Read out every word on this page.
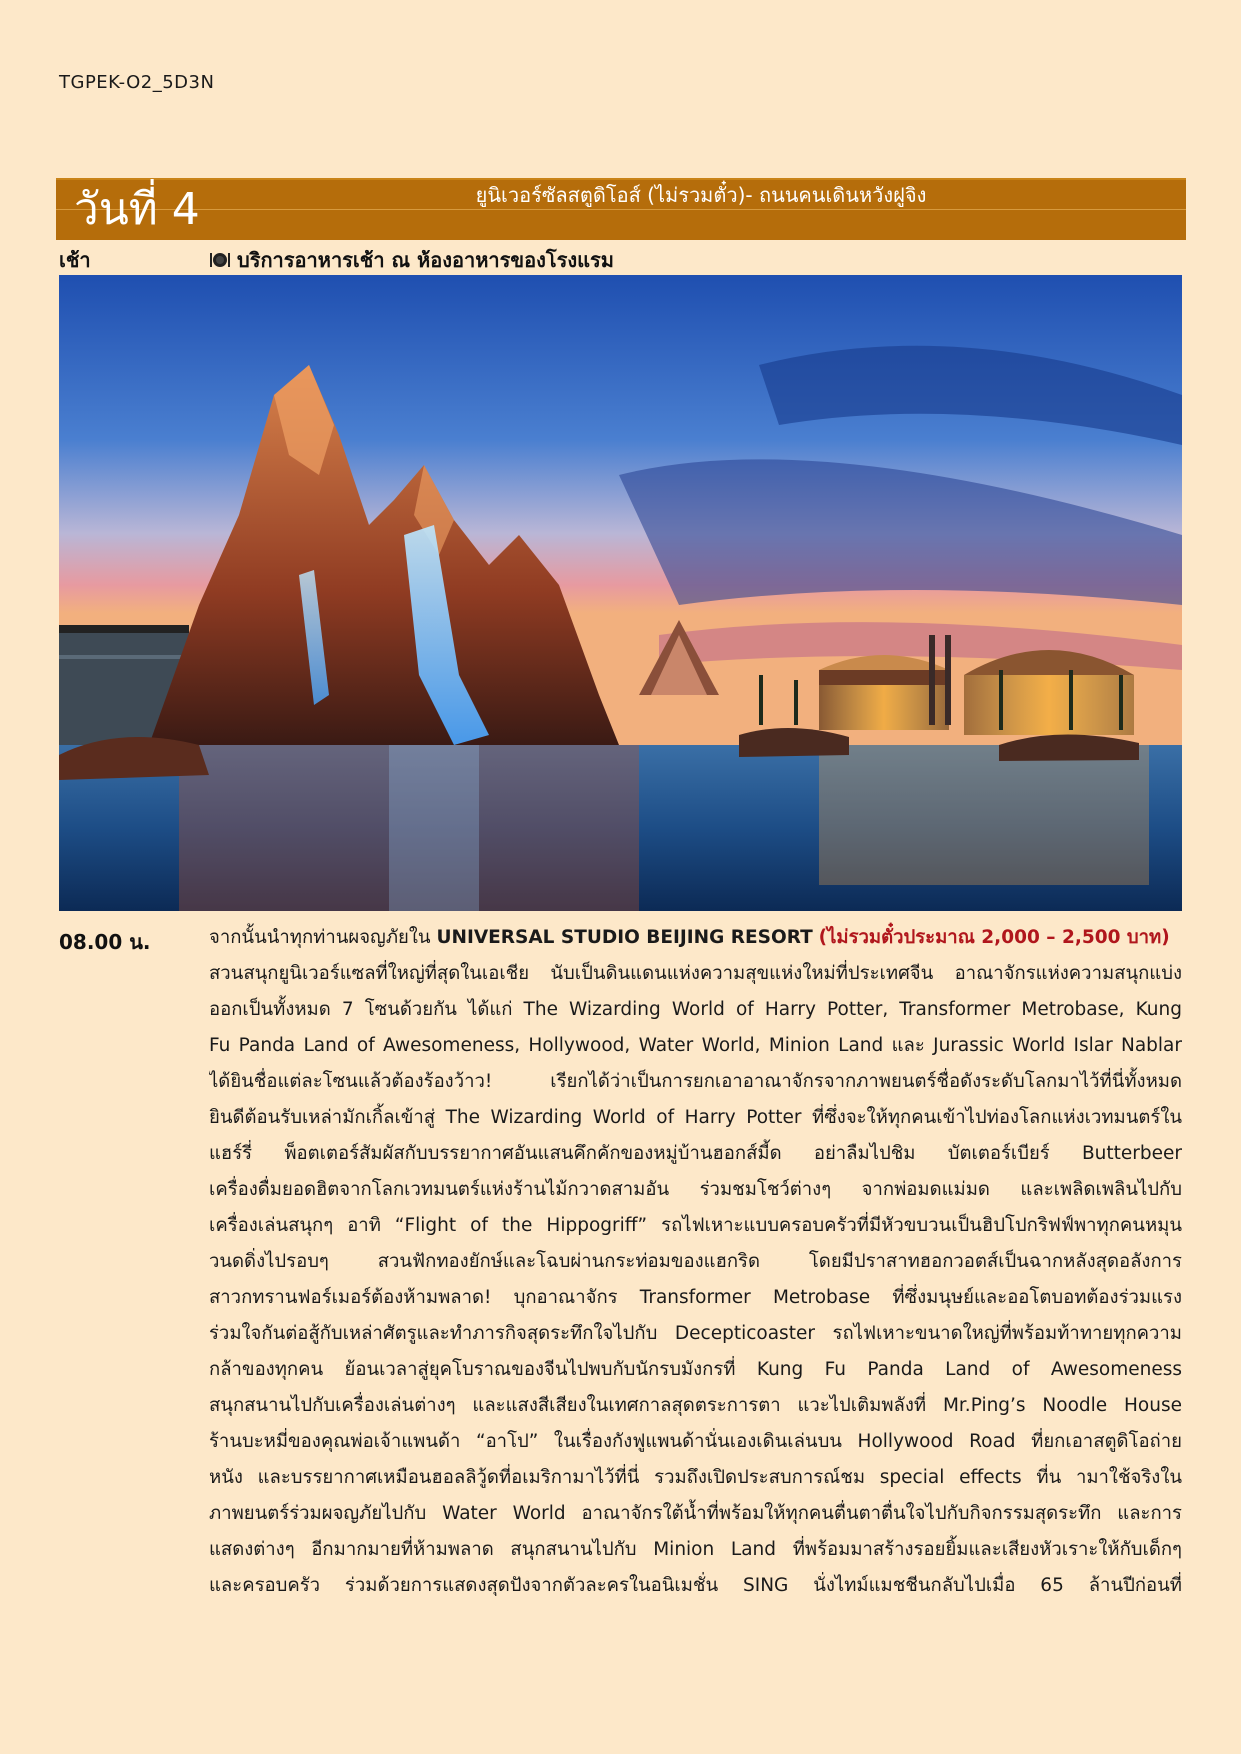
TGPEK-O2_5D3N
วันที่ 4	ยูนิเวอร์ซัลสตูดิโอส์ (ไม่รวมตั๋ว)- ถนนคนเดินหวังฝูจิง
เช้า	บริการอาหารเช้า ณ ห้องอาหารของโรงแรม
08.00 น.	จากนั้นนำทุกท่านผจญภัยใน UNIVERSAL STUDIO BEIJING RESORT (ไม่รวมตั๋วประมาณ 2,000 – 2,500 บาท)
สวนสนุกยูนิเวอร์แซลที่ใหญ่ที่สุดในเอเชีย นับเป็นดินแดนแห่งความสุขแห่งใหม่ที่ประเทศจีน อาณาจักรแห่งความสนุกแบ่ง
ออกเป็นทั้งหมด 7 โซนด้วยกัน ได้แก่ The Wizarding World of Harry Potter, Transformer Metrobase, Kung
Fu Panda Land of Awesomeness, Hollywood, Water World, Minion Land และ Jurassic World Islar Nablar
ได้ยินชื่อแต่ละโซนแล้วต้องร้องว้าว! เรียกได้ว่าเป็นการยกเอาอาณาจักรจากภาพยนตร์ชื่อดังระดับโลกมาไว้ที่นี่ทั้งหมด
ยินดีต้อนรับเหล่ามักเกิ้ลเข้าสู่ The Wizarding World of Harry Potter ที่ซึ่งจะให้ทุกคนเข้าไปท่องโลกแห่งเวทมนตร์ใน
แฮร์รี่ พ็อตเตอร์สัมผัสกับบรรยากาศอันแสนคึกคักของหมู่บ้านฮอกส์มี้ด อย่าลืมไปชิม บัตเตอร์เบียร์ Butterbeer
เครื่องดื่มยอดฮิตจากโลกเวทมนตร์แห่งร้านไม้กวาดสามอัน ร่วมชมโชว์ต่างๆ จากพ่อมดแม่มด และเพลิดเพลินไปกับ
เครื่องเล่นสนุกๆ อาทิ “Flight of the Hippogriff” รถไฟเหาะแบบครอบครัวที่มีหัวขบวนเป็นฮิปโปกริฟฟ์พาทุกคนหมุน
วนดดิ่งไปรอบๆ สวนฟักทองยักษ์และโฉบผ่านกระท่อมของแฮกริด โดยมีปราสาทฮอกวอตส์เป็นฉากหลังสุดอลังการ
สาวกทรานฟอร์เมอร์ต้องห้ามพลาด! บุกอาณาจักร Transformer Metrobase ที่ซึ่งมนุษย์และออโตบอทต้องร่วมแรง
ร่วมใจกันต่อสู้กับเหล่าศัตรูและทำภารกิจสุดระทึกใจไปกับ Decepticoaster รถไฟเหาะขนาดใหญ่ที่พร้อมท้าทายทุกความ
กล้าของทุกคน ย้อนเวลาสู่ยุคโบราณของจีนไปพบกับนักรบมังกรที่ Kung Fu Panda Land of Awesomeness
สนุกสนานไปกับเครื่องเล่นต่างๆ และแสงสีเสียงในเทศกาลสุดตระการตา แวะไปเติมพลังที่ Mr.Ping’s Noodle House
ร้านบะหมี่ของคุณพ่อเจ้าแพนด้า “อาโป” ในเรื่องกังฟูแพนด้านั่นเองเดินเล่นบน Hollywood Road ที่ยกเอาสตูดิโอถ่าย
หนัง และบรรยากาศเหมือนฮอลลิวู้ดที่อเมริกามาไว้ที่นี่ รวมถึงเปิดประสบการณ์ชม special effects ที่น ามาใช้จริงใน
ภาพยนตร์ร่วมผจญภัยไปกับ Water World อาณาจักรใต้น้ำที่พร้อมให้ทุกคนตื่นตาตื่นใจไปกับกิจกรรมสุดระทึก และการ
แสดงต่างๆ อีกมากมายที่ห้ามพลาด สนุกสนานไปกับ Minion Land ที่พร้อมมาสร้างรอยยิ้มและเสียงหัวเราะให้กับเด็กๆ
และครอบครัว ร่วมด้วยการแสดงสุดปังจากตัวละครในอนิเมชั่น SING นั่งไทม์แมชชีนกลับไปเมื่อ 65 ล้านปีก่อนที่
